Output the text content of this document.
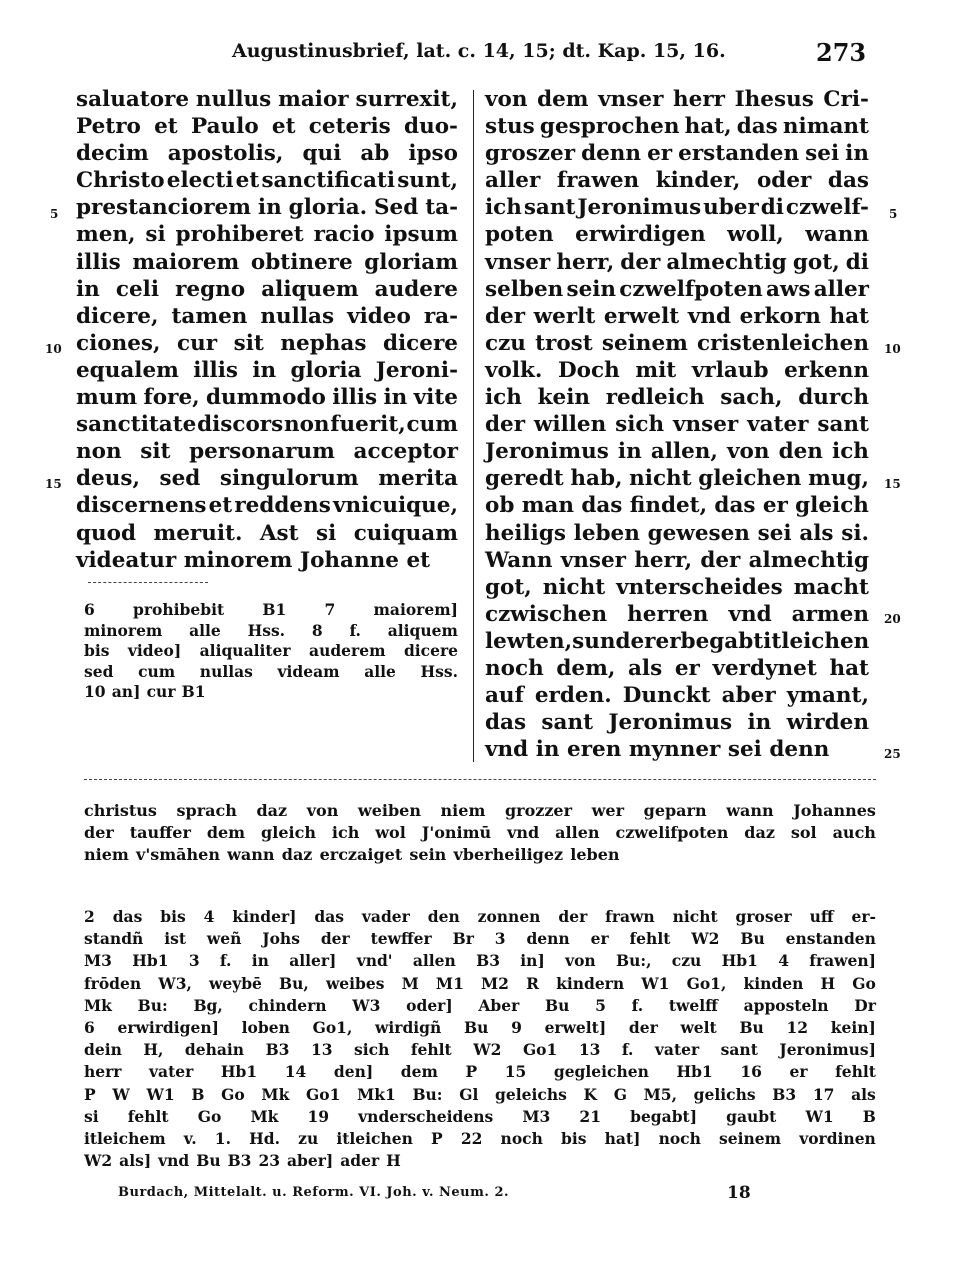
Augustinusbrief, lat. c. 14, 15; dt. Kap. 15, 16.	273
saluatore nullus maior surrexit,
Petro et Paulo et ceteris duo-
decim apostolis, qui ab ipso
Christo electi et sanctificati sunt,
prestanciorem in gloria. Sed ta-
men, si prohiberet racio ipsum
illis maiorem obtinere gloriam
in celi regno aliquem audere
dicere, tamen nullas video ra-
ciones, cur sit nephas dicere
equalem illis in gloria Jeroni-
mum fore, dummodo illis in vite
sanctitate discors non fuerit, cum
non sit personarum acceptor
deus, sed singulorum merita
discernens et reddens vnicuique,
quod meruit. Ast si cuiquam
videatur minorem Johanne et
von dem vnser herr Ihesus Cri-
stus gesprochen hat, das nimant
groszer denn er erstanden sei in
aller frawen kinder, oder das
ich sant Jeronimus uber di czwelf-
poten erwirdigen woll, wann
vnser herr, der almechtig got, di
selben sein czwelfpoten aws aller
der werlt erwelt vnd erkorn hat
czu trost seinem cristenleichen
volk. Doch mit vrlaub erkenn
ich kein redleich sach, durch
der willen sich vnser vater sant
Jeronimus in allen, von den ich
geredt hab, nicht gleichen mug,
ob man das findet, das er gleich
heiligs leben gewesen sei als si.
Wann vnser herr, der almechtig
got, nicht vnterscheides macht
czwischen herren vnd armen
lewten, sunder er begabt itleichen
noch dem, als er verdynet hat
auf erden. Dunckt aber ymant,
das sant Jeronimus in wirden
vnd in eren mynner sei denn
5
10
15
5
10
15
20
25
6 prohibebit B1 7 maiorem]
minorem alle Hss. 8 f. aliquem
bis video] aliqualiter auderem dicere
sed cum nullas videam alle Hss.
10 an] cur B1
christus sprach daz von weiben niem grozzer wer geparn wann Johannes
der tauffer dem gleich ich wol J'onimū vnd allen czwelifpoten daz sol auch
niem v'smāhen wann daz erczaiget sein vberheiligez leben
2 das bis 4 kinder] das vader den zonnen der frawn nicht groser uff er-
standñ ist weñ Johs der tewffer Br 3 denn er fehlt W2 Bu enstanden
M3 Hb1 3 f. in aller] vnd' allen B3 in] von Bu:, czu Hb1 4 frawen]
frōden W3, weybē Bu, weibes M M1 M2 R kindern W1 Go1, kinden H Go
Mk Bu: Bg, chindern W3 oder] Aber Bu 5 f. twelff apposteln Dr
6 erwirdigen] loben Go1, wirdigñ Bu 9 erwelt] der welt Bu 12 kein]
dein H, dehain B3 13 sich fehlt W2 Go1 13 f. vater sant Jeronimus]
herr vater Hb1 14 den] dem P 15 gegleichen Hb1 16 er fehlt
P W W1 B Go Mk Go1 Mk1 Bu: Gl geleichs K G M5, gelichs B3 17 als
si fehlt Go Mk 19 vnderscheidens M3 21 begabt] gaubt W1 B
itleichem v. 1. Hd. zu itleichen P 22 noch bis hat] noch seinem vordinen
W2 als] vnd Bu B3 23 aber] ader H
Burdach, Mittelalt. u. Reform. VI. Joh. v. Neum. 2.	18
